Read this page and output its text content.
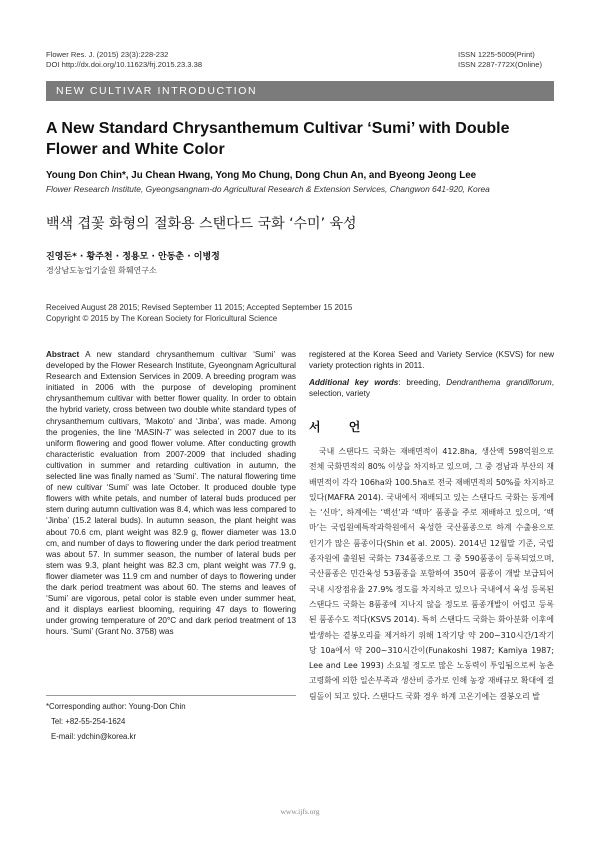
Flower Res. J. (2015) 23(3):228-232
DOI http://dx.doi.org/10.11623/frj.2015.23.3.38
ISSN 1225-5009(Print)
ISSN 2287-772X(Online)
NEW CULTIVAR INTRODUCTION
A New Standard Chrysanthemum Cultivar ‘Sumi’ with Double Flower and White Color
Young Don Chin*, Ju Chean Hwang, Yong Mo Chung, Dong Chun An, and Byeong Jeong Lee
Flower Research Institute, Gyeongsangnam-do Agricultural Research & Extension Services, Changwon 641-920, Korea
백색 겹꽃 화형의 절화용 스탠다드 국화 ‘수미’ 육성
진영돈* · 황주천 · 정용모 · 안동춘 · 이병정
경상남도농업기술원 화훼연구소
Received August 28 2015; Revised September 11 2015; Accepted September 15 2015
Copyright © 2015 by The Korean Society for Floricultural Science
Abstract A new standard chrysanthemum cultivar ‘Sumi’ was developed by the Flower Research Institute, Gyeongnam Agricultural Research and Extension Services in 2009. A breeding program was initiated in 2006 with the purpose of developing prominent chrysanthemum cultivar with better flower quality. In order to obtain the hybrid variety, cross between two double white standard types of chrysanthemum cultivars, ‘Makoto’ and ‘Jinba’, was made. Among the progenies, the line ‘MASIN-7’ was selected in 2007 due to its uniform flowering and good flower volume. After conducting growth characteristic evaluation from 2007-2009 that included shading cultivation in summer and retarding cultivation in autumn, the selected line was finally named as ‘Sumi’. The natural flowering time of new cultivar ‘Sumi’ was late October. It produced double type flowers with white petals, and number of lateral buds produced per stem during autumn cultivation was 8.4, which was less compared to ‘Jinba’ (15.2 lateral buds). In autumn season, the plant height was about 70.6 cm, plant weight was 82.9 g, flower diameter was 13.0 cm, and number of days to flowering under the dark period treatment was about 57. In summer season, the number of lateral buds per stem was 9.3, plant height was 82.3 cm, plant weight was 77.9 g, flower diameter was 11.9 cm and number of days to flowering under the dark period treatment was about 60. The stems and leaves of ‘Sumi’ are vigorous, petal color is stable even under summer heat, and it displays earliest blooming, requiring 47 days to flowering under growing temperature of 20°C and dark period treatment of 13 hours. ‘Sumi’ (Grant No. 3758) was
registered at the Korea Seed and Variety Service (KSVS) for new variety protection rights in 2011.
Additional key words: breeding, Dendranthema grandiflorum, selection, variety
서 언
국내 스탠다드 국화는 재배면적이 412.8ha, 생산액 598억원으로 전체 국화면적의 80% 이상을 차지하고 있으며, 그 중 경남과 부산의 재배면적이 각각 106ha와 100.5ha로 전국 재배면적의 50%를 차지하고 있다(MAFRA 2014). 국내에서 재배되고 있는 스탠다드 국화는 동계에는 ‘신마’, 하계에는 ‘백선’과 ‘백마’ 품종을 주로 재배하고 있으며, ‘백마’는 국립원예특작과학원에서 육성한 국산품종으로 하계 수출용으로 인기가 많은 품종이다(Shin et al. 2005). 2014년 12월말 기준, 국립종자원에 출원된 국화는 734품종으로 그 중 590품종이 등록되었으며, 국산품종은 민간육성 53품종을 포함하여 350여 품종이 개발 보급되어 국내 시장점유율 27.9% 정도를 차지하고 있으나 국내에서 육성 등록된 스탠다드 국화는 8품종에 지나지 않을 정도로 품종개발이 어렵고 등록된 품종수도 적다(KSVS 2014). 특히 스탠다드 국화는 화아분화 이후에 발생하는 곁봉오리를 제거하기 위해 1작기당 약 200∼310시간/1작기당 10a에서 약 200∼310시간이(Funakoshi 1987; Kamiya 1987; Lee and Lee 1993) 소요될 정도로 많은 노동력이 투입됨으로써 농촌 고령화에 의한 일손부족과 생산비 증가로 인해 농장 재배규모 확대에 걸림돌이 되고 있다. 스탠다드 국화 경우 하계 고온기에는 결봉오리 발
*Corresponding author: Young-Don Chin
Tel: +82-55-254-1624
E-mail: ydchin@korea.kr
www.ijfs.org
